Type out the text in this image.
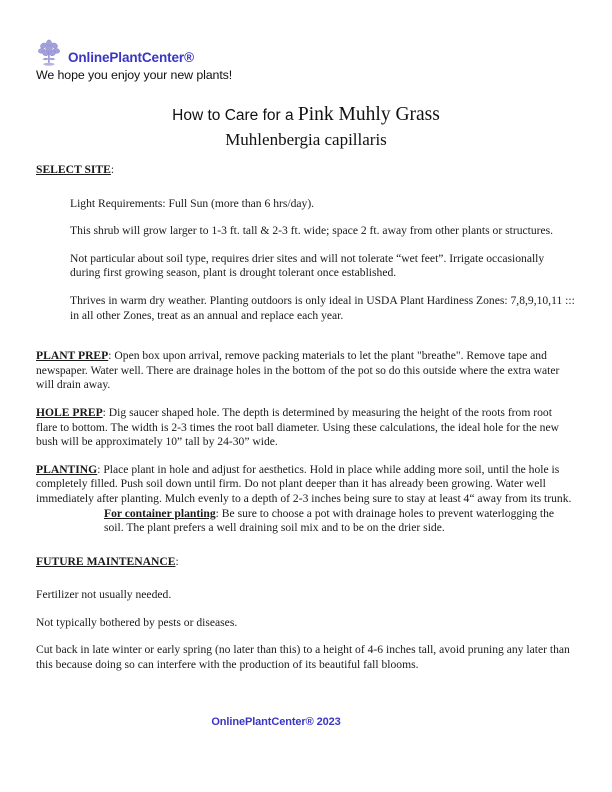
OnlinePlantCenter®
We hope you enjoy your new plants!
How to Care for a Pink Muhly Grass
Muhlenbergia capillaris

SELECT SITE:

Light Requirements: Full Sun (more than 6 hrs/day).

This shrub will grow larger to 1-3 ft. tall & 2-3 ft. wide; space 2 ft. away from other plants or structures.

Not particular about soil type, requires drier sites and will not tolerate “wet feet”. Irrigate occasionally during first growing season, plant is drought tolerant once established.

Thrives in warm dry weather. Planting outdoors is only ideal in USDA Plant Hardiness Zones: 7,8,9,10,11 ::: in all other Zones, treat as an annual and replace each year.

PLANT PREP: Open box upon arrival, remove packing materials to let the plant "breathe". Remove tape and newspaper. Water well. There are drainage holes in the bottom of the pot so do this outside where the extra water will drain away.

HOLE PREP: Dig saucer shaped hole. The depth is determined by measuring the height of the roots from root flare to bottom. The width is 2-3 times the root ball diameter. Using these calculations, the ideal hole for the new bush will be approximately 10” tall by 24-30” wide.

PLANTING: Place plant in hole and adjust for aesthetics. Hold in place while adding more soil, until the hole is completely filled. Push soil down until firm. Do not plant deeper than it has already been growing. Water well immediately after planting. Mulch evenly to a depth of 2-3 inches being sure to stay at least 4“ away from its trunk.

For container planting: Be sure to choose a pot with drainage holes to prevent waterlogging the soil. The plant prefers a well draining soil mix and to be on the drier side.

FUTURE MAINTENANCE:

Fertilizer not usually needed.

Not typically bothered by pests or diseases.

Cut back in late winter or early spring (no later than this) to a height of 4-6 inches tall, avoid pruning any later than this because doing so can interfere with the production of its beautiful fall blooms.

OnlinePlantCenter® 2023
